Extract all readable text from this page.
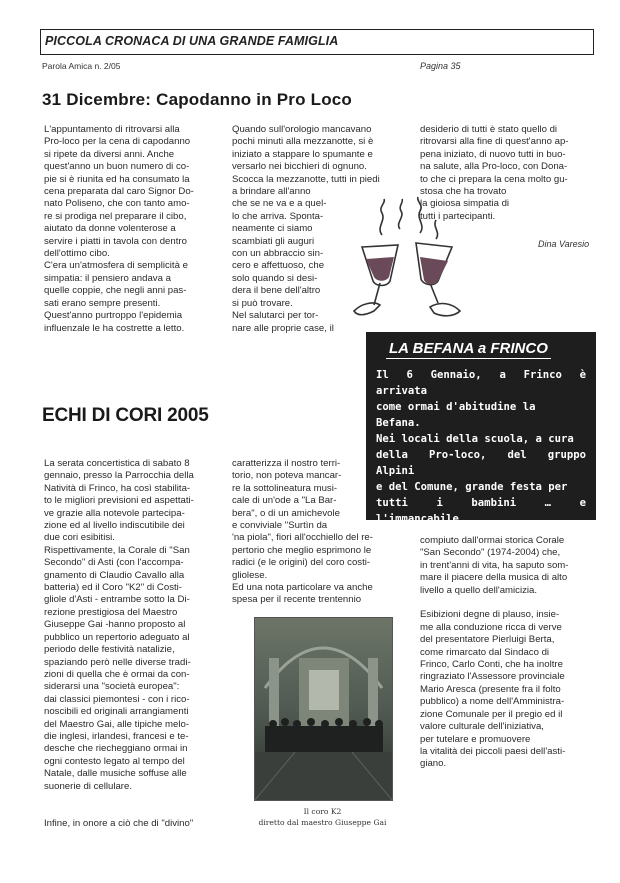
PICCOLA CRONACA DI UNA GRANDE FAMIGLIA
Parola Amica n. 2/05	Pagina 35
31 Dicembre: Capodanno in Pro Loco
L'appuntamento di ritrovarsi alla
Pro-loco per la cena di capodanno
si ripete da diversi anni. Anche
quest'anno un buon numero di co-
pie si è riunita ed ha consumato la
cena preparata dal caro Signor Do-
nato Poliseno, che con tanto amo-
re si prodiga nel preparare il cibo,
aiutato da donne volenterose a
servire i piatti in tavola con dentro
dell'ottimo cibo.
C'era un'atmosfera di semplicità e
simpatia: il pensiero andava a
quelle coppie, che negli anni pas-
sati erano sempre presenti.
Quest'anno purtroppo l'epidemia
influenzale le ha costrette a letto.
Quando sull'orologio mancavano
pochi minuti alla mezzanotte, si è
iniziato a stappare lo spumante e
versarlo nei bicchieri di ognuno.
Scocca la mezzanotte, tutti in piedi
a brindare all'anno
che se ne va e a quel-
lo che arriva. Sponta-
neamente ci siamo
scambiati gli auguri
con un abbraccio sin-
cero e affettuoso, che
solo quando si desi-
dera il bene dell'altro
si può trovare.
Nel salutarci per tor-
nare alle proprie case, il
desiderio di tutti è stato quello di
ritrovarsi alla fine di quest'anno ap-
pena iniziato, di nuovo tutti in buo-
na salute, alla Pro-loco, con Dona-
to che ci prepara la cena molto gu-
stosa che ha trovato
la gioiosa simpatia di
tutti i partecipanti.
Dina Varesio
LA BEFANA a FRINCO
Il 6 Gennaio, a Frinco è arrivata
come ormai d'abitudine la
Befana.
Nei locali della scuola, a cura
della Pro-loco, del gruppo Alpini
e del Comune, grande festa per
tutti i bambini … e l'immancabile
calza!
ECHI DI CORI 2005
La serata concertistica di sabato 8
gennaio, presso la Parrocchia della
Natività di Frinco, ha così stabilita-
to le migliori previsioni ed aspettati-
ve grazie alla notevole partecipa-
zione ed al livello indiscutibile dei
due cori esibitisi.
Rispettivamente, la Corale di "San
Secondo" di Asti (con l'accompa-
gnamento di Claudio Cavallo alla
batteria) ed il Coro "K2" di Costi-
gliole d'Asti - entrambe sotto la Di-
rezione prestigiosa del Maestro
Giuseppe Gai -hanno proposto al
pubblico un repertorio adeguato al
periodo delle festività natalizie,
spaziando però nelle diverse tradi-
zioni di quella che è ormai da con-
siderarsi una "società europea":
dai classici piemontesi - con i rico-
noscibili ed originali arrangiamenti
del Maestro Gai, alle tipiche melo-
die inglesi, irlandesi, francesi e te-
desche che riecheggiano ormai in
ogni contesto legato al tempo del
Natale, dalle musiche soffuse alle
suonerie di cellulare.
Infine, in onore a ciò che di "divino"
caratterizza il nostro terri-
torio, non poteva mancar-
re la sottolineatura musi-
cale di un'ode a "La Bar-
bera", o di un amichevole
e conviviale "Surtìn da
'na piola", fiori all'occhiello del re-
pertorio che meglio esprimono le
radici (e le origini) del coro costi-
gliolese.
Ed una nota particolare va anche
spesa per il recente trentennio
compiuto dall'ormai storica Corale
"San Secondo" (1974-2004) che,
in trent'anni di vita, ha saputo som-
mare il piacere della musica di alto
livello a quello dell'amicizia.

Esibizioni degne di plauso, insie-
me alla conduzione ricca di verve
del presentatore Pierluigi Berta,
come rimarcato dal Sindaco di
Frinco, Carlo Conti, che ha inoltre
ringraziato l'Assessore provinciale
Mario Aresca (presente fra il folto
pubblico) a nome dell'Amministra-
zione Comunale per il pregio ed il
valore culturale dell'iniziativa,
per tutelare e promuovere
la vitalità dei piccoli paesi dell'asti-
giano.
Il coro K2
diretto dal maestro Giuseppe Gai
